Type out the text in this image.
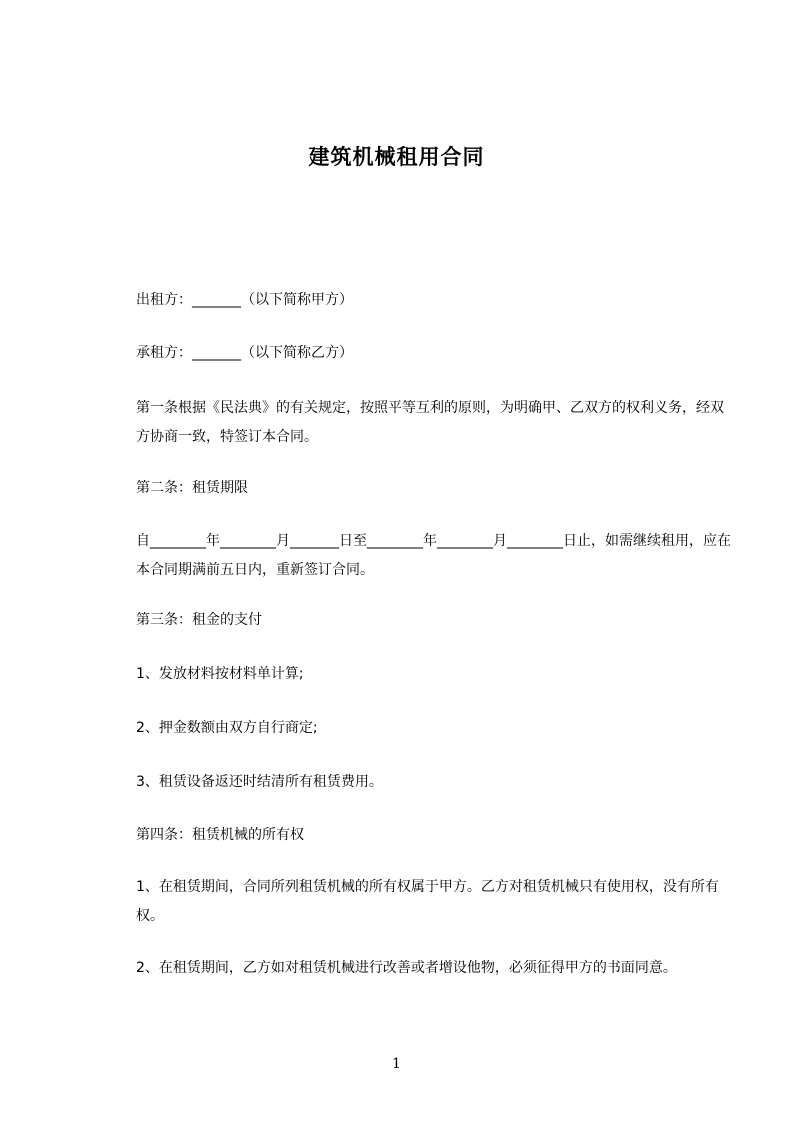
建筑机械租用合同

出租方：_______（以下简称甲方）

承租方：_______（以下简称乙方）

第一条根据《民法典》的有关规定，按照平等互利的原则，为明确甲、乙双方的权利义务，经双方协商一致，特签订本合同。

第二条：租赁期限

自________年________月_______日至________年________月________日止，如需继续租用，应在本合同期满前五日内，重新签订合同。

第三条：租金的支付

1、发放材料按材料单计算;

2、押金数额由双方自行商定;

3、租赁设备返还时结清所有租赁费用。

第四条：租赁机械的所有权

1、在租赁期间，合同所列租赁机械的所有权属于甲方。乙方对租赁机械只有使用权，没有所有权。

2、在租赁期间，乙方如对租赁机械进行改善或者增设他物，必须征得甲方的书面同意。

1
